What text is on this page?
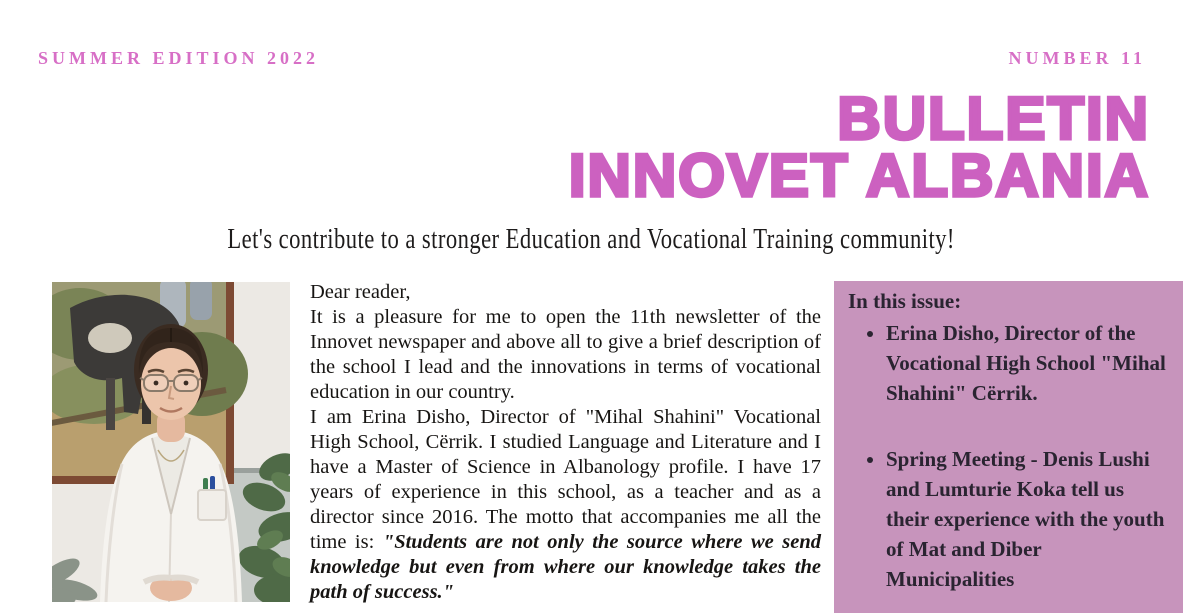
SUMMER EDITION 2022	NUMBER 11
BULLETIN
INNOVET ALBANIA
Let's contribute to a stronger Education and Vocational Training community!

Dear reader,

It is a pleasure for me to open the 11th newsletter of the Innovet newspaper and above all to give a brief description of the school I lead and the innovations in terms of vocational education in our country.

I am Erina Disho, Director of "Mihal Shahini" Vocational High School, Cërrik. I studied Language and Literature and I have a Master of Science in Albanology profile. I have 17 years of experience in this school, as a teacher and as a director since 2016. The motto that accompanies me all the time is: "Students are not only the source where we send knowledge but even from where our knowledge takes the path of success."

In this issue:

• Erina Disho, Director of the Vocational High School "Mihal Shahini" Cërrik.
• Spring Meeting - Denis Lushi and Lumturie Koka tell us their experience with the youth of Mat and Diber Municipalities
